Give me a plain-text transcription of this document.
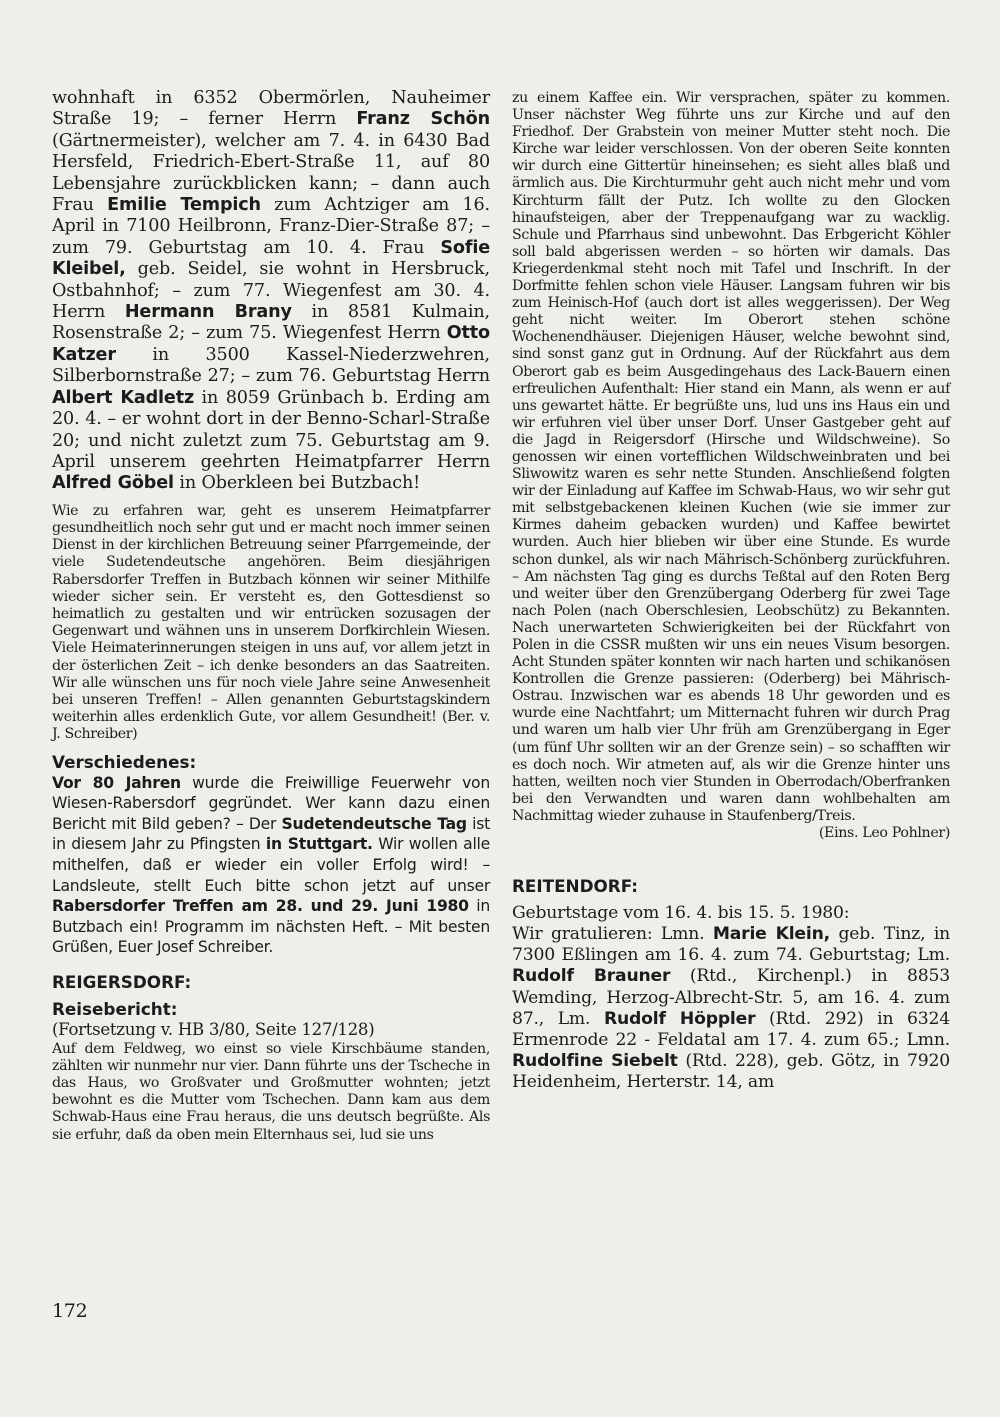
wohnhaft in 6352 Obermörlen, Nauheimer Straße 19; – ferner Herrn Franz Schön (Gärtnermeister), welcher am 7. 4. in 6430 Bad Hersfeld, Friedrich-Ebert-Straße 11, auf 80 Lebensjahre zurückblicken kann; – dann auch Frau Emilie Tempich zum Achtziger am 16. April in 7100 Heilbronn, Franz-Dier-Straße 87; – zum 79. Geburtstag am 10. 4. Frau Sofie Kleibel, geb. Seidel, sie wohnt in Hersbruck, Ostbahnhof; – zum 77. Wiegenfest am 30. 4. Herrn Hermann Brany in 8581 Kulmain, Rosenstraße 2; – zum 75. Wiegenfest Herrn Otto Katzer in 3500 Kassel-Niederzwehren, Silberbornstraße 27; – zum 76. Geburtstag Herrn Albert Kadletz in 8059 Grünbach b. Erding am 20. 4. – er wohnt dort in der Benno-Scharl-Straße 20; und nicht zuletzt zum 75. Geburtstag am 9. April unserem geehrten Heimatpfarrer Herrn Alfred Göbel in Oberkleen bei Butzbach!

Wie zu erfahren war, geht es unserem Heimatpfarrer gesundheitlich noch sehr gut und er macht noch immer seinen Dienst in der kirchlichen Betreuung seiner Pfarrgemeinde, der viele Sudetendeutsche angehören. Beim diesjährigen Rabersdorfer Treffen in Butzbach können wir seiner Mithilfe wieder sicher sein. Er versteht es, den Gottesdienst so heimatlich zu gestalten und wir entrücken sozusagen der Gegenwart und wähnen uns in unserem Dorfkirchlein Wiesen. Viele Heimaterinnerungen steigen in uns auf, vor allem jetzt in der österlichen Zeit – ich denke besonders an das Saatreiten. Wir alle wünschen uns für noch viele Jahre seine Anwesenheit bei unseren Treffen! – Allen genannten Geburtstagskindern weiterhin alles erdenklich Gute, vor allem Gesundheit! (Ber. v. J. Schreiber)

Verschiedenes:

Vor 80 Jahren wurde die Freiwillige Feuerwehr von Wiesen-Rabersdorf gegründet. Wer kann dazu einen Bericht mit Bild geben? – Der Sudetendeutsche Tag ist in diesem Jahr zu Pfingsten in Stuttgart. Wir wollen alle mithelfen, daß er wieder ein voller Erfolg wird! – Landsleute, stellt Euch bitte schon jetzt auf unser Rabersdorfer Treffen am 28. und 29. Juni 1980 in Butzbach ein! Programm im nächsten Heft. – Mit besten Grüßen, Euer Josef Schreiber.

REIGERSDORF:

Reisebericht:

(Fortsetzung v. HB 3/80, Seite 127/128)

Auf dem Feldweg, wo einst so viele Kirschbäume standen, zählten wir nunmehr nur vier. Dann führte uns der Tscheche in das Haus, wo Großvater und Großmutter wohnten; jetzt bewohnt es die Mutter vom Tschechen. Dann kam aus dem Schwab-Haus eine Frau heraus, die uns deutsch begrüßte. Als sie erfuhr, daß da oben mein Elternhaus sei, lud sie uns

zu einem Kaffee ein. Wir versprachen, später zu kommen. Unser nächster Weg führte uns zur Kirche und auf den Friedhof. Der Grabstein von meiner Mutter steht noch. Die Kirche war leider verschlossen. Von der oberen Seite konnten wir durch eine Gittertür hineinsehen; es sieht alles blaß und ärmlich aus. Die Kirchturmuhr geht auch nicht mehr und vom Kirchturm fällt der Putz. Ich wollte zu den Glocken hinaufsteigen, aber der Treppenaufgang war zu wacklig. Schule und Pfarrhaus sind unbewohnt. Das Erbgericht Köhler soll bald abgerissen werden – so hörten wir damals. Das Kriegerdenkmal steht noch mit Tafel und Inschrift. In der Dorfmitte fehlen schon viele Häuser. Langsam fuhren wir bis zum Heinisch-Hof (auch dort ist alles weggerissen). Der Weg geht nicht weiter. Im Oberort stehen schöne Wochenendhäuser. Diejenigen Häuser, welche bewohnt sind, sind sonst ganz gut in Ordnung. Auf der Rückfahrt aus dem Oberort gab es beim Ausgedingehaus des Lack-Bauern einen erfreulichen Aufenthalt: Hier stand ein Mann, als wenn er auf uns gewartet hätte. Er begrüßte uns, lud uns ins Haus ein und wir erfuhren viel über unser Dorf. Unser Gastgeber geht auf die Jagd in Reigersdorf (Hirsche und Wildschweine). So genossen wir einen vortefflichen Wildschweinbraten und bei Sliwowitz waren es sehr nette Stunden. Anschließend folgten wir der Einladung auf Kaffee im Schwab-Haus, wo wir sehr gut mit selbstgebackenen kleinen Kuchen (wie sie immer zur Kirmes daheim gebacken wurden) und Kaffee bewirtet wurden. Auch hier blieben wir über eine Stunde. Es wurde schon dunkel, als wir nach Mährisch-Schönberg zurückfuhren. – Am nächsten Tag ging es durchs Teßtal auf den Roten Berg und weiter über den Grenzübergang Oderberg für zwei Tage nach Polen (nach Oberschlesien, Leobschütz) zu Bekannten. Nach unerwarteten Schwierigkeiten bei der Rückfahrt von Polen in die CSSR mußten wir uns ein neues Visum besorgen. Acht Stunden später konnten wir nach harten und schikanösen Kontrollen die Grenze passieren: (Oderberg) bei Mährisch-Ostrau. Inzwischen war es abends 18 Uhr geworden und es wurde eine Nachtfahrt; um Mitternacht fuhren wir durch Prag und waren um halb vier Uhr früh am Grenzübergang in Eger (um fünf Uhr sollten wir an der Grenze sein) – so schafften wir es doch noch. Wir atmeten auf, als wir die Grenze hinter uns hatten, weilten noch vier Stunden in Oberrodach/Oberfranken bei den Verwandten und waren dann wohlbehalten am Nachmittag wieder zuhause in Staufenberg/Treis.
(Eins. Leo Pohlner)

REITENDORF:

Geburtstage vom 16. 4. bis 15. 5. 1980:

Wir gratulieren: Lmn. Marie Klein, geb. Tinz, in 7300 Eßlingen am 16. 4. zum 74. Geburtstag; Lm. Rudolf Brauner (Rtd., Kirchenpl.) in 8853 Wemding, Herzog-Albrecht-Str. 5, am 16. 4. zum 87., Lm. Rudolf Höppler (Rtd. 292) in 6324 Ermenrode 22 - Feldatal am 17. 4. zum 65.; Lmn. Rudolfine Siebelt (Rtd. 228), geb. Götz, in 7920 Heidenheim, Herterstr. 14, am

172
